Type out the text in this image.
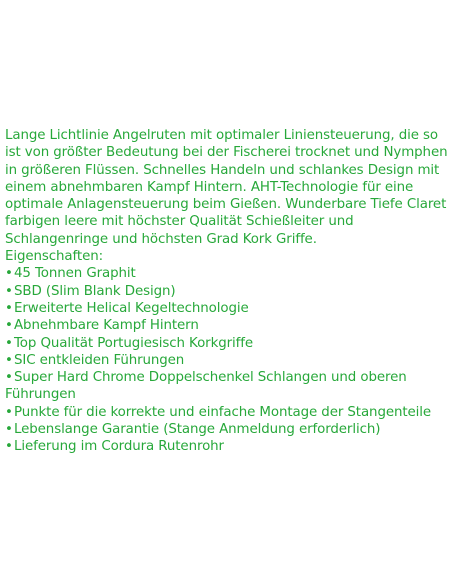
Lange Lichtlinie Angelruten mit optimaler Liniensteuerung, die so ist von größter Bedeutung bei der Fischerei trocknet und Nymphen in größeren Flüssen. Schnelles Handeln und schlankes Design mit einem abnehmbaren Kampf Hintern. AHT-Technologie für eine optimale Anlagensteuerung beim Gießen. Wunderbare Tiefe Claret farbigen leere mit höchster Qualität Schießleiter und Schlangenringe und höchsten Grad Kork Griffe.

Eigenschaften:

•45 Tonnen Graphit
•SBD (Slim Blank Design)
•Erweiterte Helical Kegeltechnologie
•Abnehmbare Kampf Hintern
•Top Qualität Portugiesisch Korkgriffe
•SIC entkleiden Führungen
•Super Hard Chrome Doppelschenkel Schlangen und oberen Führungen
•Punkte für die korrekte und einfache Montage der Stangenteile
•Lebenslange Garantie (Stange Anmeldung erforderlich)
•Lieferung im Cordura Rutenrohr
